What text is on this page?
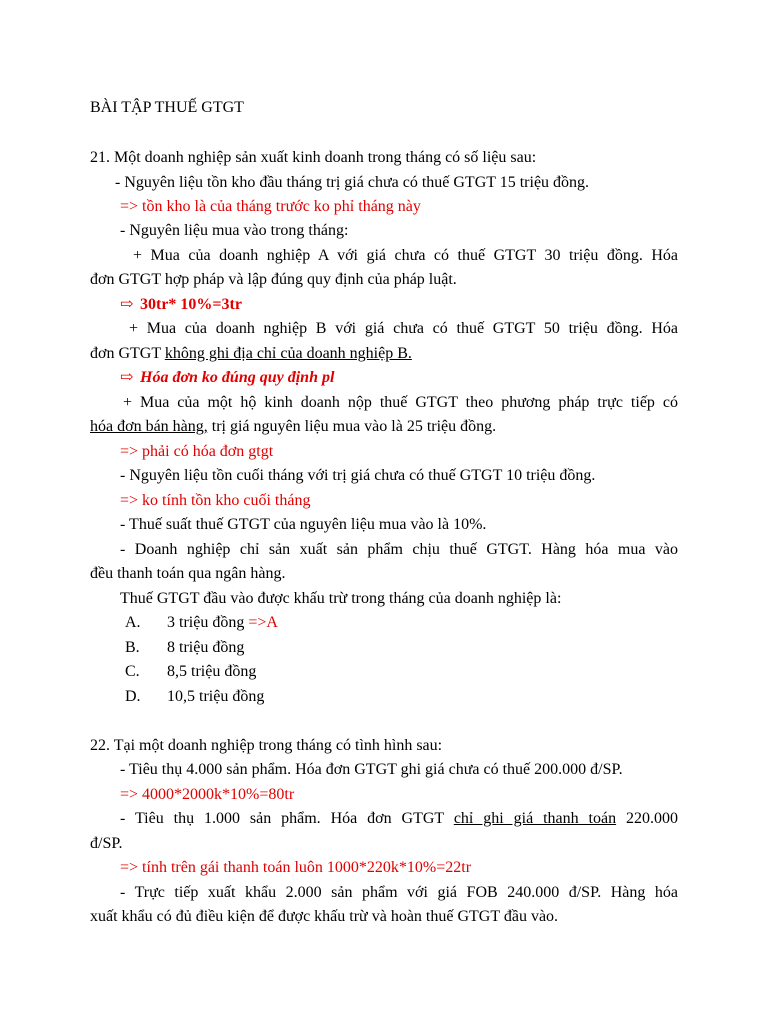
BÀI TẬP THUẾ GTGT

21. Một doanh nghiệp sản xuất kinh doanh trong tháng có số liệu sau:

- Nguyên liệu tồn kho đầu tháng trị giá chưa có thuế GTGT 15 triệu đồng.

=> tồn kho là của tháng trước ko phỉ tháng này

- Nguyên liệu mua vào trong tháng:

+ Mua của doanh nghiệp A với giá chưa có thuế GTGT 30 triệu đồng. Hóa

đơn GTGT hợp pháp và lập đúng quy định của pháp luật.

⇨ 30tr* 10%=3tr

+ Mua của doanh nghiệp B với giá chưa có thuế GTGT 50 triệu đồng. Hóa

đơn GTGT không ghi địa chỉ của doanh nghiệp B.

⇨ Hóa đơn ko đúng quy định pl

+ Mua của một hộ kinh doanh nộp thuế GTGT theo phương pháp trực tiếp có

hóa đơn bán hàng, trị giá nguyên liệu mua vào là 25 triệu đồng.

=> phải có hóa đơn gtgt

- Nguyên liệu tồn cuối tháng với trị giá chưa có thuế GTGT 10 triệu đồng.

=> ko tính tồn kho cuối tháng

- Thuế suất thuế GTGT của nguyên liệu mua vào là 10%.

- Doanh nghiệp chỉ sản xuất sản phẩm chịu thuế GTGT. Hàng hóa mua vào

đều thanh toán qua ngân hàng.

Thuế GTGT đầu vào được khấu trừ trong tháng của doanh nghiệp là:

A. 3 triệu đồng =>A

B. 8 triệu đồng

C. 8,5 triệu đồng

D. 10,5 triệu đồng

22. Tại một doanh nghiệp trong tháng có tình hình sau:

- Tiêu thụ 4.000 sản phẩm. Hóa đơn GTGT ghi giá chưa có thuế 200.000 đ/SP.

=> 4000*2000k*10%=80tr

- Tiêu thụ 1.000 sản phẩm. Hóa đơn GTGT chỉ ghi giá thanh toán 220.000

đ/SP.

=> tính trên gái thanh toán luôn 1000*220k*10%=22tr

- Trực tiếp xuất khẩu 2.000 sản phẩm với giá FOB 240.000 đ/SP. Hàng hóa

xuất khẩu có đủ điều kiện để được khấu trừ và hoàn thuế GTGT đầu vào.
